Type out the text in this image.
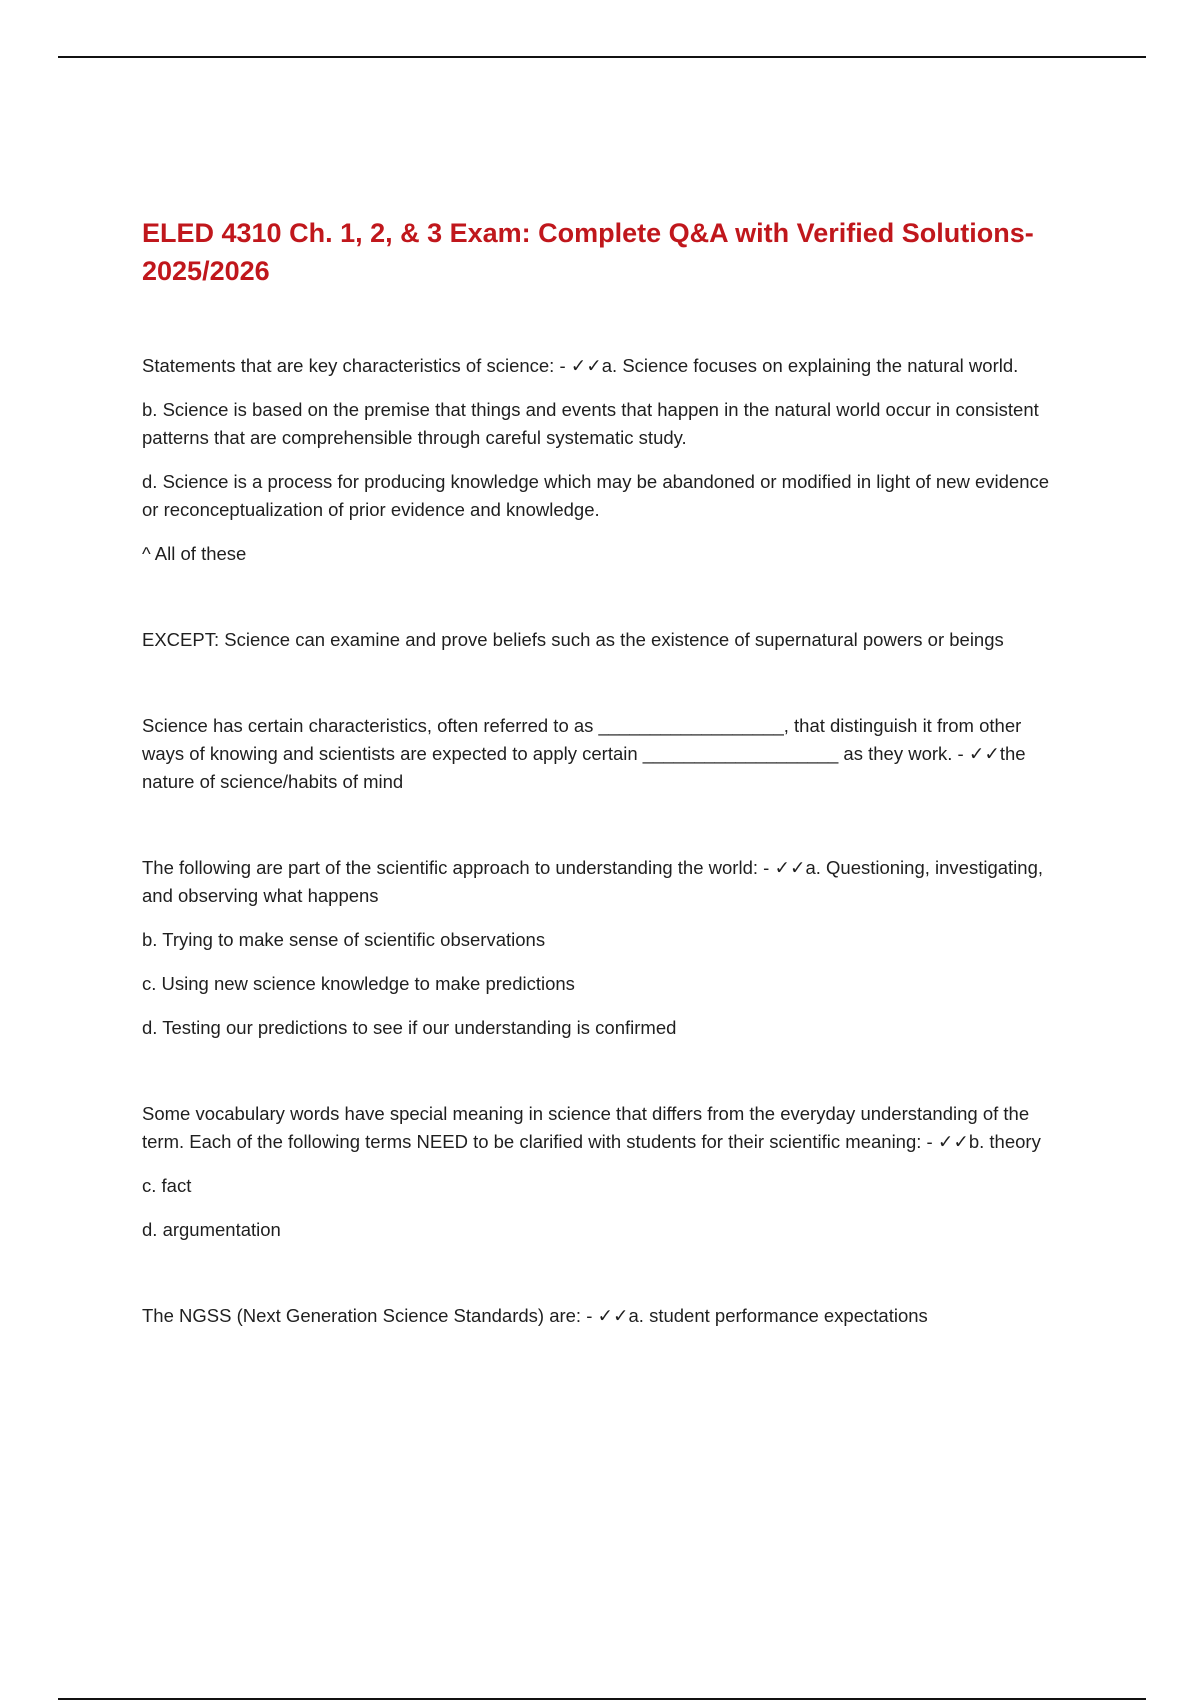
ELED 4310 Ch. 1, 2, & 3 Exam: Complete Q&A with Verified Solutions- 2025/2026

Statements that are key characteristics of science: - ✓✓a. Science focuses on explaining the natural world.

b. Science is based on the premise that things and events that happen in the natural world occur in consistent patterns that are comprehensible through careful systematic study.

d. Science is a process for producing knowledge which may be abandoned or modified in light of new evidence or reconceptualization of prior evidence and knowledge.

^ All of these

EXCEPT: Science can examine and prove beliefs such as the existence of supernatural powers or beings

Science has certain characteristics, often referred to as __________________, that distinguish it from other ways of knowing and scientists are expected to apply certain ___________________ as they work. - ✓✓the nature of science/habits of mind

The following are part of the scientific approach to understanding the world: - ✓✓a. Questioning, investigating, and observing what happens

b. Trying to make sense of scientific observations

c. Using new science knowledge to make predictions

d. Testing our predictions to see if our understanding is confirmed

Some vocabulary words have special meaning in science that differs from the everyday understanding of the term. Each of the following terms NEED to be clarified with students for their scientific meaning: - ✓✓b. theory

c. fact

d. argumentation

The NGSS (Next Generation Science Standards) are: - ✓✓a. student performance expectations
